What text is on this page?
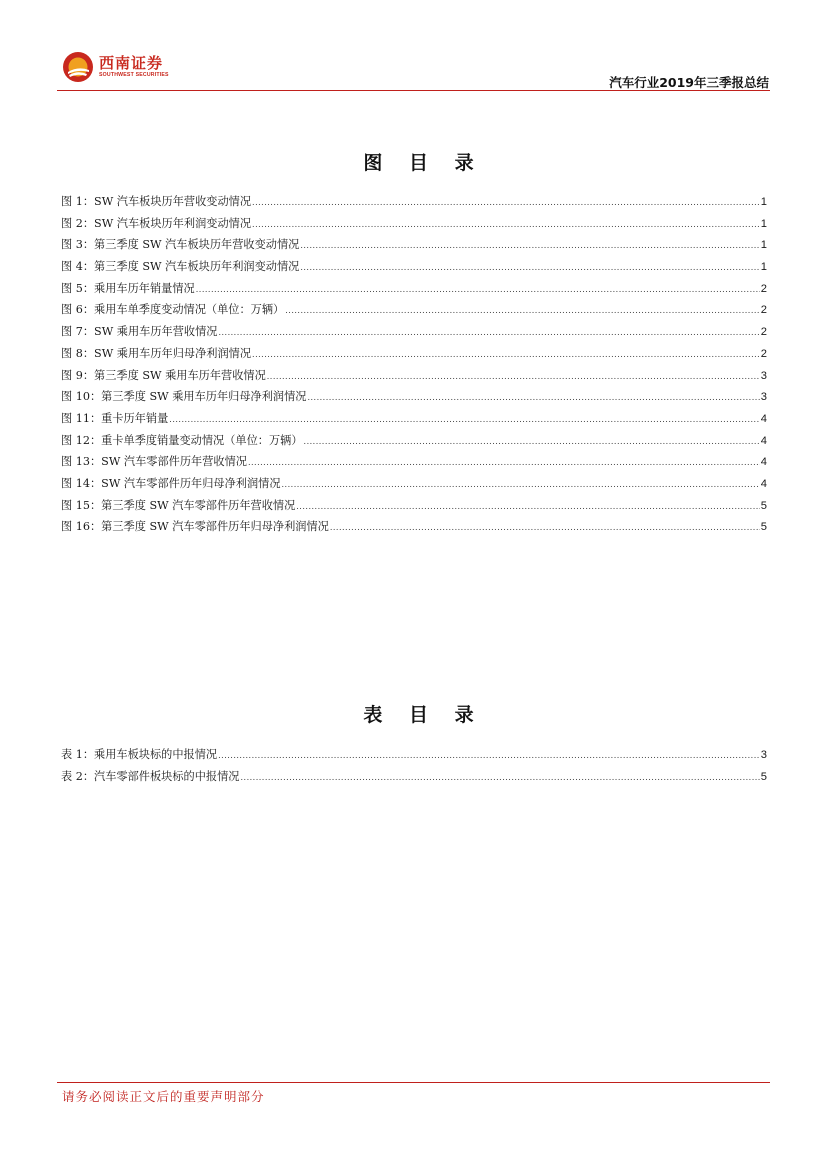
西南证券
SOUTHWEST SECURITIES	汽车行业2019年三季报总结
图 目 录
图 1：SW 汽车板块历年营收变动情况 .....	1
图 2：SW 汽车板块历年利润变动情况 .....	1
图 3：第三季度 SW 汽车板块历年营收变动情况 .....	1
图 4：第三季度 SW 汽车板块历年利润变动情况 .....	1
图 5：乘用车历年销量情况 .....	2
图 6：乘用车单季度变动情况（单位：万辆） .....	2
图 7：SW 乘用车历年营收情况 .....	2
图 8：SW 乘用车历年归母净利润情况 .....	2
图 9：第三季度 SW 乘用车历年营收情况 .....	3
图 10：第三季度 SW 乘用车历年归母净利润情况 .....	3
图 11：重卡历年销量 .....	4
图 12：重卡单季度销量变动情况（单位：万辆） .....	4
图 13：SW 汽车零部件历年营收情况 .....	4
图 14：SW 汽车零部件历年归母净利润情况 .....	4
图 15：第三季度 SW 汽车零部件历年营收情况 .....	5
图 16：第三季度 SW 汽车零部件历年归母净利润情况 .....	5
表 目 录
表 1：乘用车板块标的中报情况 .....	3
表 2：汽车零部件板块标的中报情况 .....	5
请务必阅读正文后的重要声明部分
